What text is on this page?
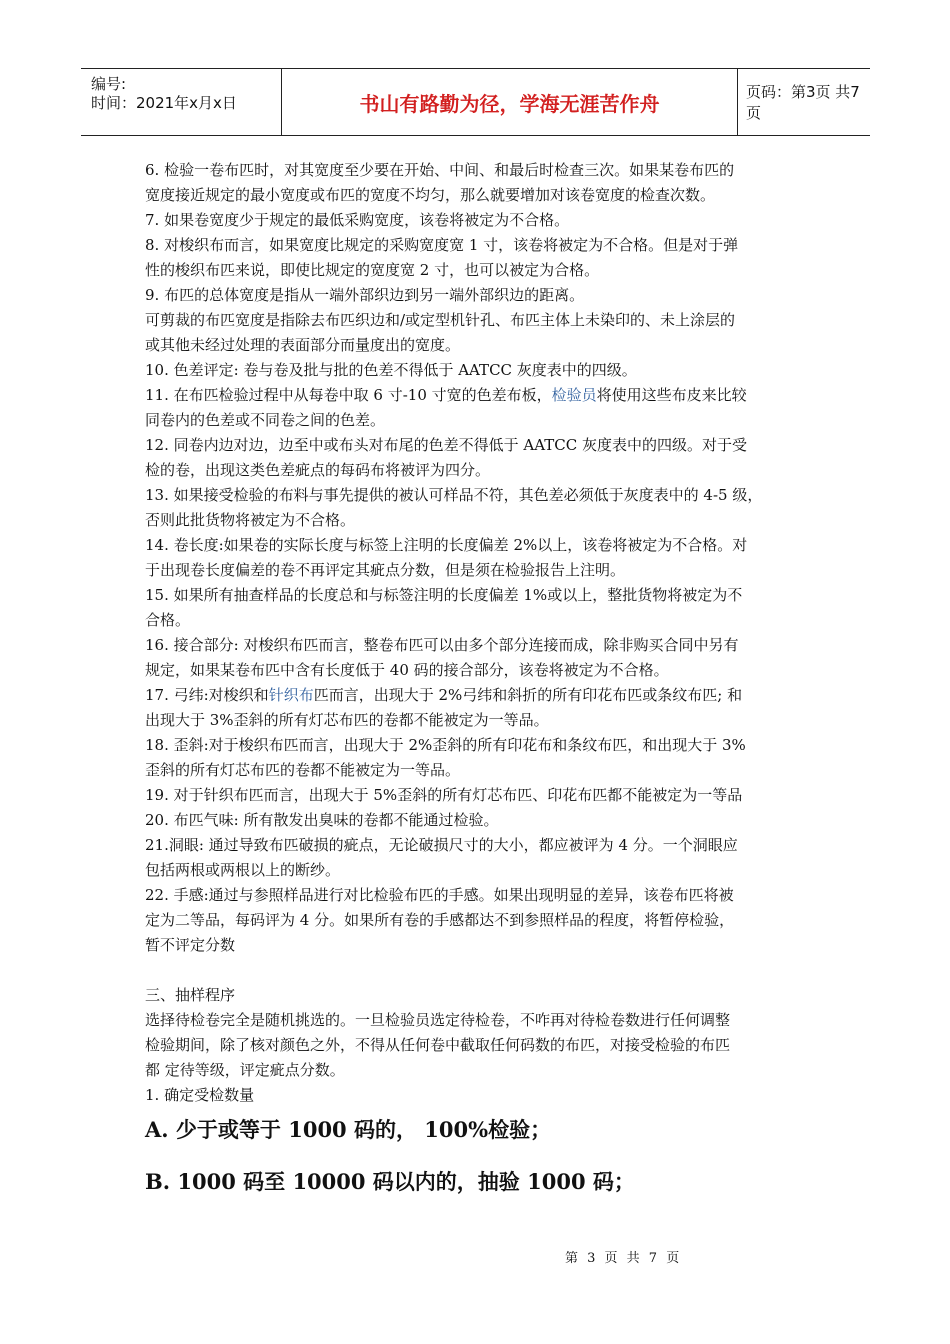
编号:
时间：2021年x月x日	书山有路勤为径，学海无涯苦作舟	页码：第3页 共7页
6. 检验一卷布匹时，对其宽度至少要在开始、中间、和最后时检查三次。如果某卷布匹的
宽度接近规定的最小宽度或布匹的宽度不均匀，那么就要增加对该卷宽度的检查次数。
7. 如果卷宽度少于规定的最低采购宽度，该卷将被定为不合格。
8. 对梭织布而言，如果宽度比规定的采购宽度宽 1 寸，该卷将被定为不合格。但是对于弹
性的梭织布匹来说，即使比规定的宽度宽 2 寸，也可以被定为合格。
9. 布匹的总体宽度是指从一端外部织边到另一端外部织边的距离。
可剪裁的布匹宽度是指除去布匹织边和/或定型机针孔、布匹主体上未染印的、未上涂层的
或其他未经过处理的表面部分而量度出的宽度。
10. 色差评定: 卷与卷及批与批的色差不得低于 AATCC 灰度表中的四级。
11. 在布匹检验过程中从每卷中取 6 寸-10 寸宽的色差布板，检验员将使用这些布皮来比较
同卷内的色差或不同卷之间的色差。
12. 同卷内边对边，边至中或布头对布尾的色差不得低于 AATCC 灰度表中的四级。对于受
检的卷，出现这类色差疵点的每码布将被评为四分。
13. 如果接受检验的布料与事先提供的被认可样品不符，其色差必须低于灰度表中的 4-5 级，
否则此批货物将被定为不合格。
14. 卷长度:如果卷的实际长度与标签上注明的长度偏差 2%以上，该卷将被定为不合格。对
于出现卷长度偏差的卷不再评定其疵点分数，但是须在检验报告上注明。
15. 如果所有抽查样品的长度总和与标签注明的长度偏差 1%或以上，整批货物将被定为不
合格。
16. 接合部分: 对梭织布匹而言，整卷布匹可以由多个部分连接而成，除非购买合同中另有
规定，如果某卷布匹中含有长度低于 40 码的接合部分，该卷将被定为不合格。
17. 弓纬:对梭织和针织布匹而言，出现大于 2%弓纬和斜折的所有印花布匹或条纹布匹; 和
出现大于 3%歪斜的所有灯芯布匹的卷都不能被定为一等品。
18. 歪斜:对于梭织布匹而言，出现大于 2%歪斜的所有印花布和条纹布匹，和出现大于 3%
歪斜的所有灯芯布匹的卷都不能被定为一等品。
19. 对于针织布匹而言，出现大于 5%歪斜的所有灯芯布匹、印花布匹都不能被定为一等品
20. 布匹气味: 所有散发出臭味的卷都不能通过检验。
21.洞眼: 通过导致布匹破损的疵点，无论破损尺寸的大小，都应被评为 4 分。一个洞眼应
包括两根或两根以上的断纱。
22. 手感:通过与参照样品进行对比检验布匹的手感。如果出现明显的差异，该卷布匹将被
定为二等品，每码评为 4 分。如果所有卷的手感都达不到参照样品的程度，将暂停检验，
暂不评定分数
三、抽样程序
选择待检卷完全是随机挑选的。一旦检验员选定待检卷，不咋再对待检卷数进行任何调整
检验期间，除了核对颜色之外，不得从任何卷中截取任何码数的布匹，对接受检验的布匹
都 定待等级，评定疵点分数。
1. 确定受检数量
A. 少于或等于 1000 码的， 100%检验；
B. 1000 码至 10000 码以内的，抽验 1000 码；
第 3 页 共 7 页
